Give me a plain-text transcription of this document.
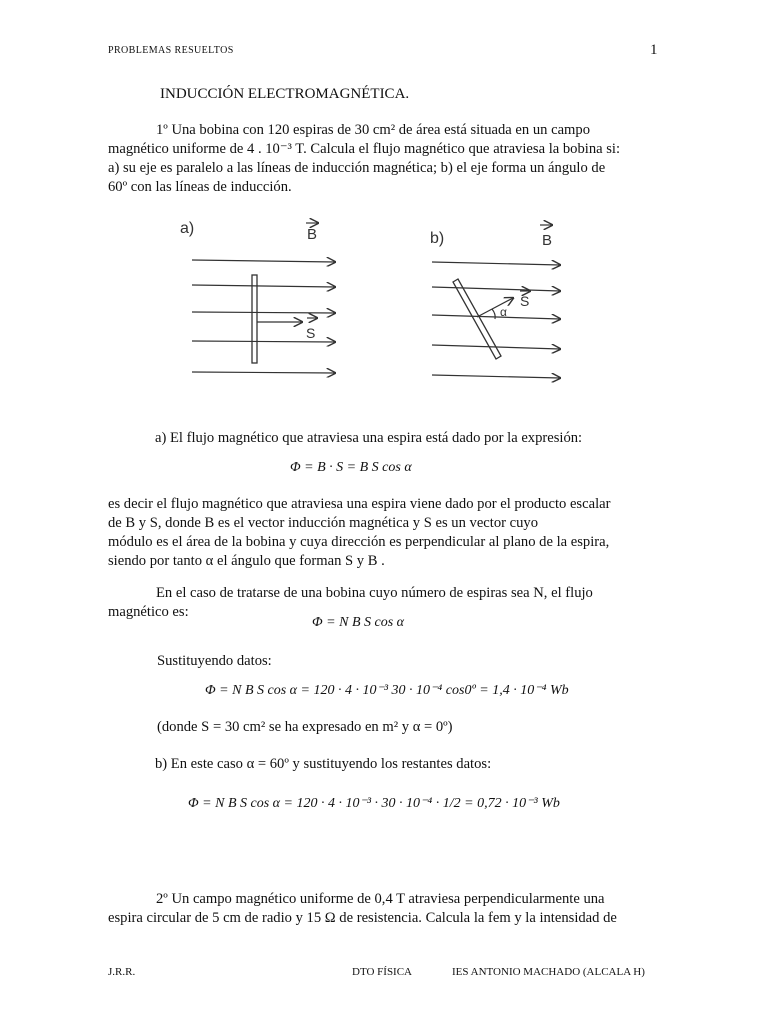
PROBLEMAS RESUELTOS	1
INDUCCIÓN ELECTROMAGNÉTICA.
1º Una bobina con 120 espiras de 30 cm² de área está situada en un campo
magnético uniforme de 4 . 10⁻³ T. Calcula el flujo magnético que atraviesa la bobina si:
a) su eje es paralelo a las líneas de inducción magnética; b) el eje forma un ángulo de
60º con las líneas de inducción.
a)
b)
B	B
S
S
α
a) El flujo magnético que atraviesa una espira está dado por la expresión:
Φ = B · S = B S cos α
es decir el flujo magnético que atraviesa una espira viene dado por el producto escalar
de B y S, donde B es el vector inducción magnética y S es un vector cuyo
módulo es el área de la bobina y cuya dirección es perpendicular al plano de la espira,
siendo por tanto α el ángulo que forman S y B .
En el caso de tratarse de una bobina cuyo número de espiras sea N, el flujo
magnético es:
Φ = N B S cos α
Sustituyendo datos:
Φ = N B S cos α = 120 · 4 · 10⁻³ 30 · 10⁻⁴ cos0º = 1,4 · 10⁻⁴ Wb
(donde S = 30 cm² se ha expresado en m² y α = 0º)
b) En este caso α = 60º y sustituyendo los restantes datos:
Φ = N B S cos α = 120 · 4 · 10⁻³ · 30 · 10⁻⁴ · 1/2 = 0,72 · 10⁻³ Wb
2º Un campo magnético uniforme de 0,4 T atraviesa perpendicularmente una
espira circular de 5 cm de radio y 15 Ω de resistencia. Calcula la fem y la intensidad de
J.R.R.	DTO FÍSICA	IES ANTONIO MACHADO (ALCALA H)
